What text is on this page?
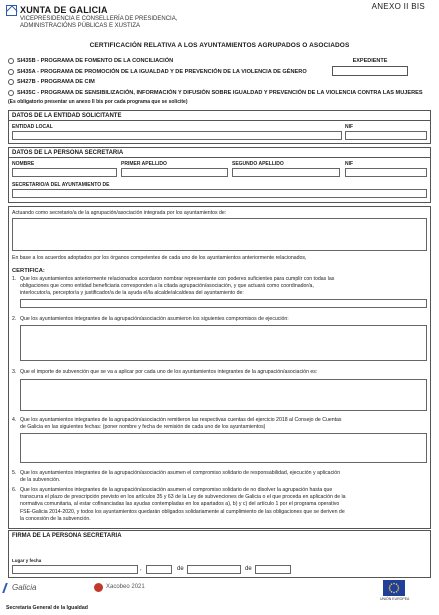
XUNTA DE GALICIA
VICEPRESIDENCIA E CONSELLERÍA DE PRESIDENCIA,
ADMINISTRACIÓNS PÚBLICAS E XUSTIZA
ANEXO II BIS
CERTIFICACIÓN RELATIVA A LOS AYUNTAMIENTOS AGRUPADOS O ASOCIADOS
SI435B - PROGRAMA DE FOMENTO DE LA CONCILIACIÓN
SI435A - PROGRAMA DE PROMOCIÓN DE LA IGUALDAD Y DE PREVENCIÓN DE LA VIOLENCIA DE GÉNERO
SI427B - PROGRAMA DE CIM
SI435C - PROGRAMA DE SENSIBILIZACIÓN, INFORMACIÓN Y DIFUSIÓN SOBRE IGUALDAD Y PREVENCIÓN DE LA VIOLENCIA CONTRA LAS MUJERES
(Es obligatorio presentar un anexo II bis por cada programa que se solicite)
EXPEDIENTE
DATOS DE LA ENTIDAD SOLICITANTE
ENTIDAD LOCAL	NIF
DATOS DE LA PERSONA SECRETARIA
NOMBRE	PRIMER APELLIDO	SEGUNDO APELLIDO	NIF
SECRETARIO/A DEL AYUNTAMIENTO DE
Actuando como secretario/a de la agrupación/asociación integrada por los ayuntamientos de:
En base a los acuerdos adoptados por los órganos competentes de cada uno de los ayuntamientos anteriormente relacionados,
CERTIFICA:
1. Que los ayuntamientos anteriormente relacionados acordaron nombrar representante con poderes suficientes para cumplir con todas las
obligaciones que como entidad beneficiaria corresponden a la citada agrupación/asociación, y que actuará como coordinador/a,
interlocutor/a, perceptor/a y justificador/a de la ayuda el/la alcalde/alcaldesa del ayuntamiento de:
2. Que los ayuntamientos integrantes de la agrupación/asociación asumieron los siguientes compromisos de ejecución:
3. Que el importe de subvención que se va a aplicar por cada uno de los ayuntamientos integrantes de la agrupación/asociación es:
4. Que los ayuntamientos integrantes de la agrupación/asociación remitieron las respectivas cuentas del ejercicio 2018 al Consejo de Cuentas
de Galicia en las siguientes fechas: (poner nombre y fecha de remisión de cada uno de los ayuntamientos)
5. Que los ayuntamientos integrantes de la agrupación/asociación asumen el compromiso solidario de responsabilidad, ejecución y aplicación
de la subvención.
6. Que los ayuntamientos integrantes de la agrupación/asociación asumen el compromiso solidario de no disolver la agrupación hasta que
transcurra el plazo de prescripción previsto en los artículos 35 y 63 de la Ley de subvenciones de Galicia o el que proceda en aplicación de la
normativa comunitaria, al estar cofinanciadas las ayudas contempladas en los apartados a), b) y c) del artículo 1 por el programa operativo
FSE-Galicia 2014-2020, y todos los ayuntamientos quedarán obligados solidariamente al cumplimiento de las obligaciones que se deriven de
la concesión de la subvención.
FIRMA DE LA PERSONA SECRETARIA
Lugar y fecha
,	de	de
Galicia	Xacobeo 2021
UNIÓN EUROPEA
Secretaría General de la Igualdad
